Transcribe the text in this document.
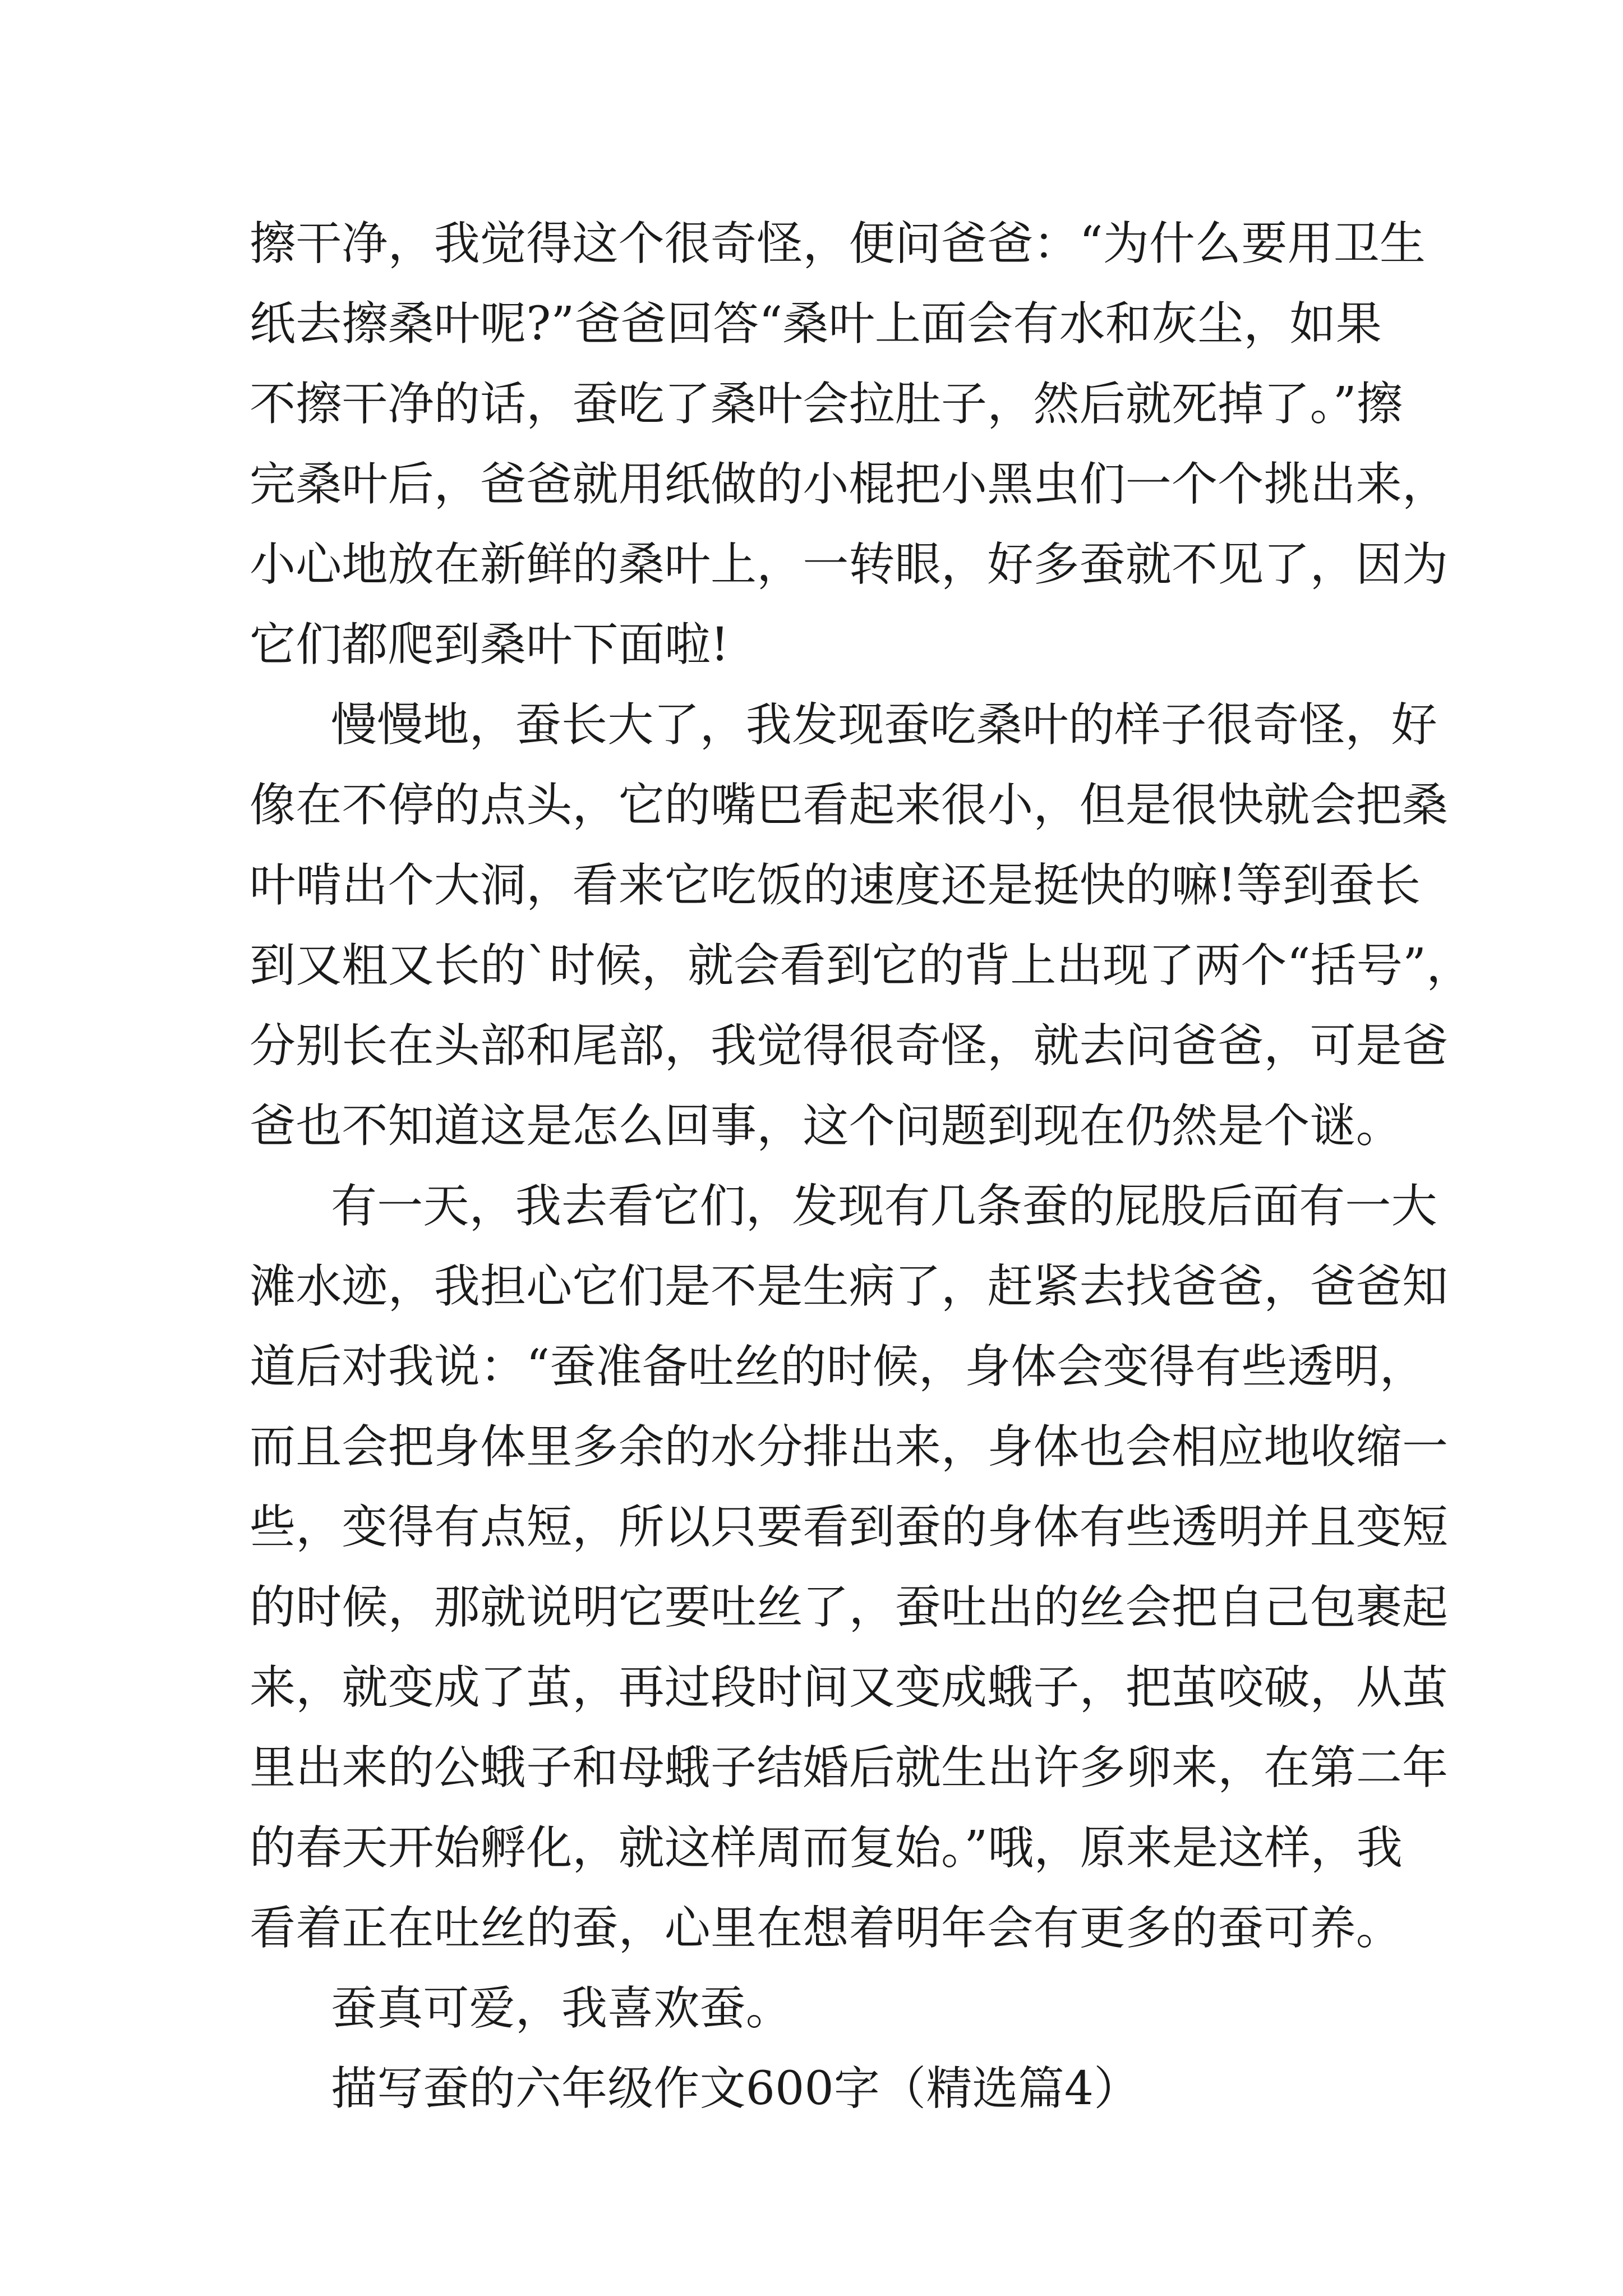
擦干净，我觉得这个很奇怪，便问爸爸：“为什么要用卫生
纸去擦桑叶呢?”爸爸回答“桑叶上面会有水和灰尘，如果
不擦干净的话，蚕吃了桑叶会拉肚子，然后就死掉了。”擦
完桑叶后，爸爸就用纸做的小棍把小黑虫们一个个挑出来，
小心地放在新鲜的桑叶上，一转眼，好多蚕就不见了，因为
它们都爬到桑叶下面啦!
慢慢地，蚕长大了，我发现蚕吃桑叶的样子很奇怪，好
像在不停的点头，它的嘴巴看起来很小，但是很快就会把桑
叶啃出个大洞，看来它吃饭的速度还是挺快的嘛!等到蚕长
到又粗又长的`时候，就会看到它的背上出现了两个“括号”，
分别长在头部和尾部，我觉得很奇怪，就去问爸爸，可是爸
爸也不知道这是怎么回事，这个问题到现在仍然是个谜。
有一天，我去看它们，发现有几条蚕的屁股后面有一大
滩水迹，我担心它们是不是生病了，赶紧去找爸爸，爸爸知
道后对我说：“蚕准备吐丝的时候，身体会变得有些透明，
而且会把身体里多余的水分排出来，身体也会相应地收缩一
些，变得有点短，所以只要看到蚕的身体有些透明并且变短
的时候，那就说明它要吐丝了，蚕吐出的丝会把自己包裹起
来，就变成了茧，再过段时间又变成蛾子，把茧咬破，从茧
里出来的公蛾子和母蛾子结婚后就生出许多卵来，在第二年
的春天开始孵化，就这样周而复始。”哦，原来是这样，我
看着正在吐丝的蚕，心里在想着明年会有更多的蚕可养。
蚕真可爱，我喜欢蚕。
描写蚕的六年级作文600字（精选篇4）
